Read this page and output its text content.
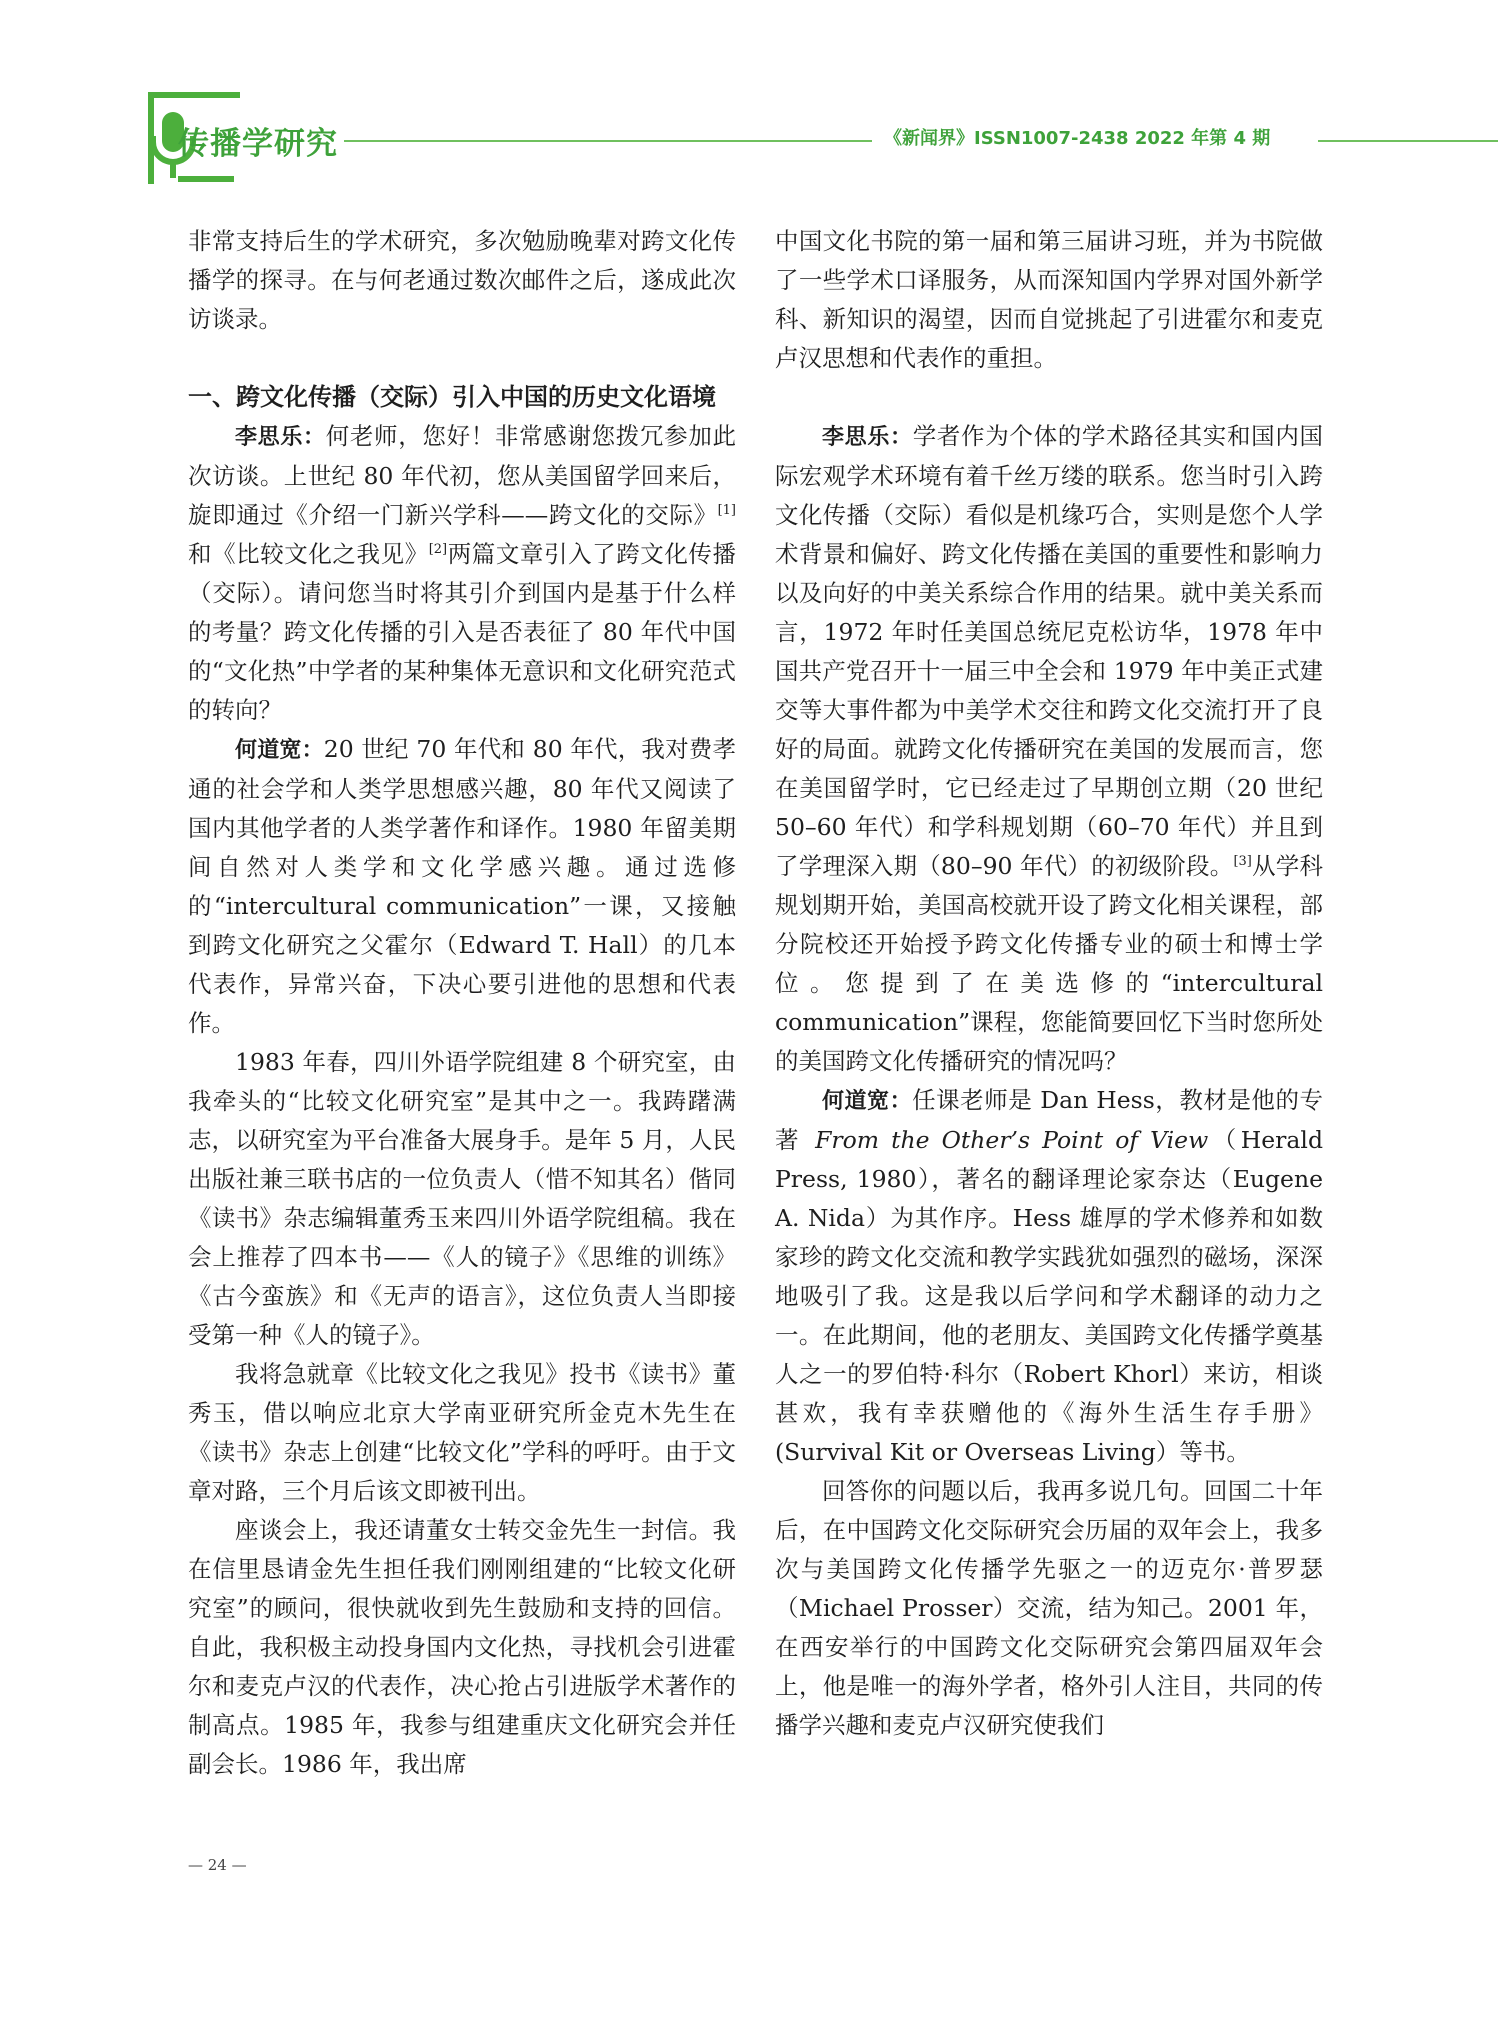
传播学研究	《新闻界》ISSN1007-2438 2022 年第 4 期

非常支持后生的学术研究，多次勉励晚辈对跨文化传播学的探寻。在与何老通过数次邮件之后，遂成此次访谈录。

一、跨文化传播（交际）引入中国的历史文化语境

李思乐：何老师，您好！非常感谢您拨冗参加此次访谈。上世纪 80 年代初，您从美国留学回来后，旋即通过《介绍一门新兴学科——跨文化的交际》[1]和《比较文化之我见》[2]两篇文章引入了跨文化传播（交际）。请问您当时将其引介到国内是基于什么样的考量？跨文化传播的引入是否表征了 80 年代中国的“文化热”中学者的某种集体无意识和文化研究范式的转向？

何道宽：20 世纪 70 年代和 80 年代，我对费孝通的社会学和人类学思想感兴趣，80 年代又阅读了国内其他学者的人类学著作和译作。1980 年留美期间自然对人类学和文化学感兴趣。通过选修的“intercultural communication”一课，又接触到跨文化研究之父霍尔（Edward T. Hall）的几本代表作，异常兴奋，下决心要引进他的思想和代表作。

1983 年春，四川外语学院组建 8 个研究室，由我牵头的“比较文化研究室”是其中之一。我踌躇满志，以研究室为平台准备大展身手。是年 5 月，人民出版社兼三联书店的一位负责人（惜不知其名）偕同《读书》杂志编辑董秀玉来四川外语学院组稿。我在会上推荐了四本书——《人的镜子》《思维的训练》《古今蛮族》和《无声的语言》，这位负责人当即接受第一种《人的镜子》。

我将急就章《比较文化之我见》投书《读书》董秀玉，借以响应北京大学南亚研究所金克木先生在《读书》杂志上创建“比较文化”学科的呼吁。由于文章对路，三个月后该文即被刊出。

座谈会上，我还请董女士转交金先生一封信。我在信里恳请金先生担任我们刚刚组建的“比较文化研究室”的顾问，很快就收到先生鼓励和支持的回信。自此，我积极主动投身国内文化热，寻找机会引进霍尔和麦克卢汉的代表作，决心抢占引进版学术著作的制高点。1985 年，我参与组建重庆文化研究会并任副会长。1986 年，我出席

中国文化书院的第一届和第三届讲习班，并为书院做了一些学术口译服务，从而深知国内学界对国外新学科、新知识的渴望，因而自觉挑起了引进霍尔和麦克卢汉思想和代表作的重担。

李思乐：学者作为个体的学术路径其实和国内国际宏观学术环境有着千丝万缕的联系。您当时引入跨文化传播（交际）看似是机缘巧合，实则是您个人学术背景和偏好、跨文化传播在美国的重要性和影响力以及向好的中美关系综合作用的结果。就中美关系而言，1972 年时任美国总统尼克松访华，1978 年中国共产党召开十一届三中全会和 1979 年中美正式建交等大事件都为中美学术交往和跨文化交流打开了良好的局面。就跨文化传播研究在美国的发展而言，您在美国留学时，它已经走过了早期创立期（20 世纪 50–60 年代）和学科规划期（60–70 年代）并且到了学理深入期（80–90 年代）的初级阶段。[3]从学科规划期开始，美国高校就开设了跨文化相关课程，部分院校还开始授予跨文化传播专业的硕士和博士学位。您提到了在美选修的“intercultural communication”课程，您能简要回忆下当时您所处的美国跨文化传播研究的情况吗？

何道宽：任课老师是 Dan Hess，教材是他的专著 From the Other’s Point of View（Herald Press, 1980），著名的翻译理论家奈达（Eugene A. Nida）为其作序。Hess 雄厚的学术修养和如数家珍的跨文化交流和教学实践犹如强烈的磁场，深深地吸引了我。这是我以后学问和学术翻译的动力之一。在此期间，他的老朋友、美国跨文化传播学奠基人之一的罗伯特·科尔（Robert Khorl）来访，相谈甚欢，我有幸获赠他的《海外生活生存手册》(Survival Kit or Overseas Living）等书。

回答你的问题以后，我再多说几句。回国二十年后，在中国跨文化交际研究会历届的双年会上，我多次与美国跨文化传播学先驱之一的迈克尔·普罗瑟（Michael Prosser）交流，结为知己。2001 年，在西安举行的中国跨文化交际研究会第四届双年会上，他是唯一的海外学者，格外引人注目，共同的传播学兴趣和麦克卢汉研究使我们

— 24 —
